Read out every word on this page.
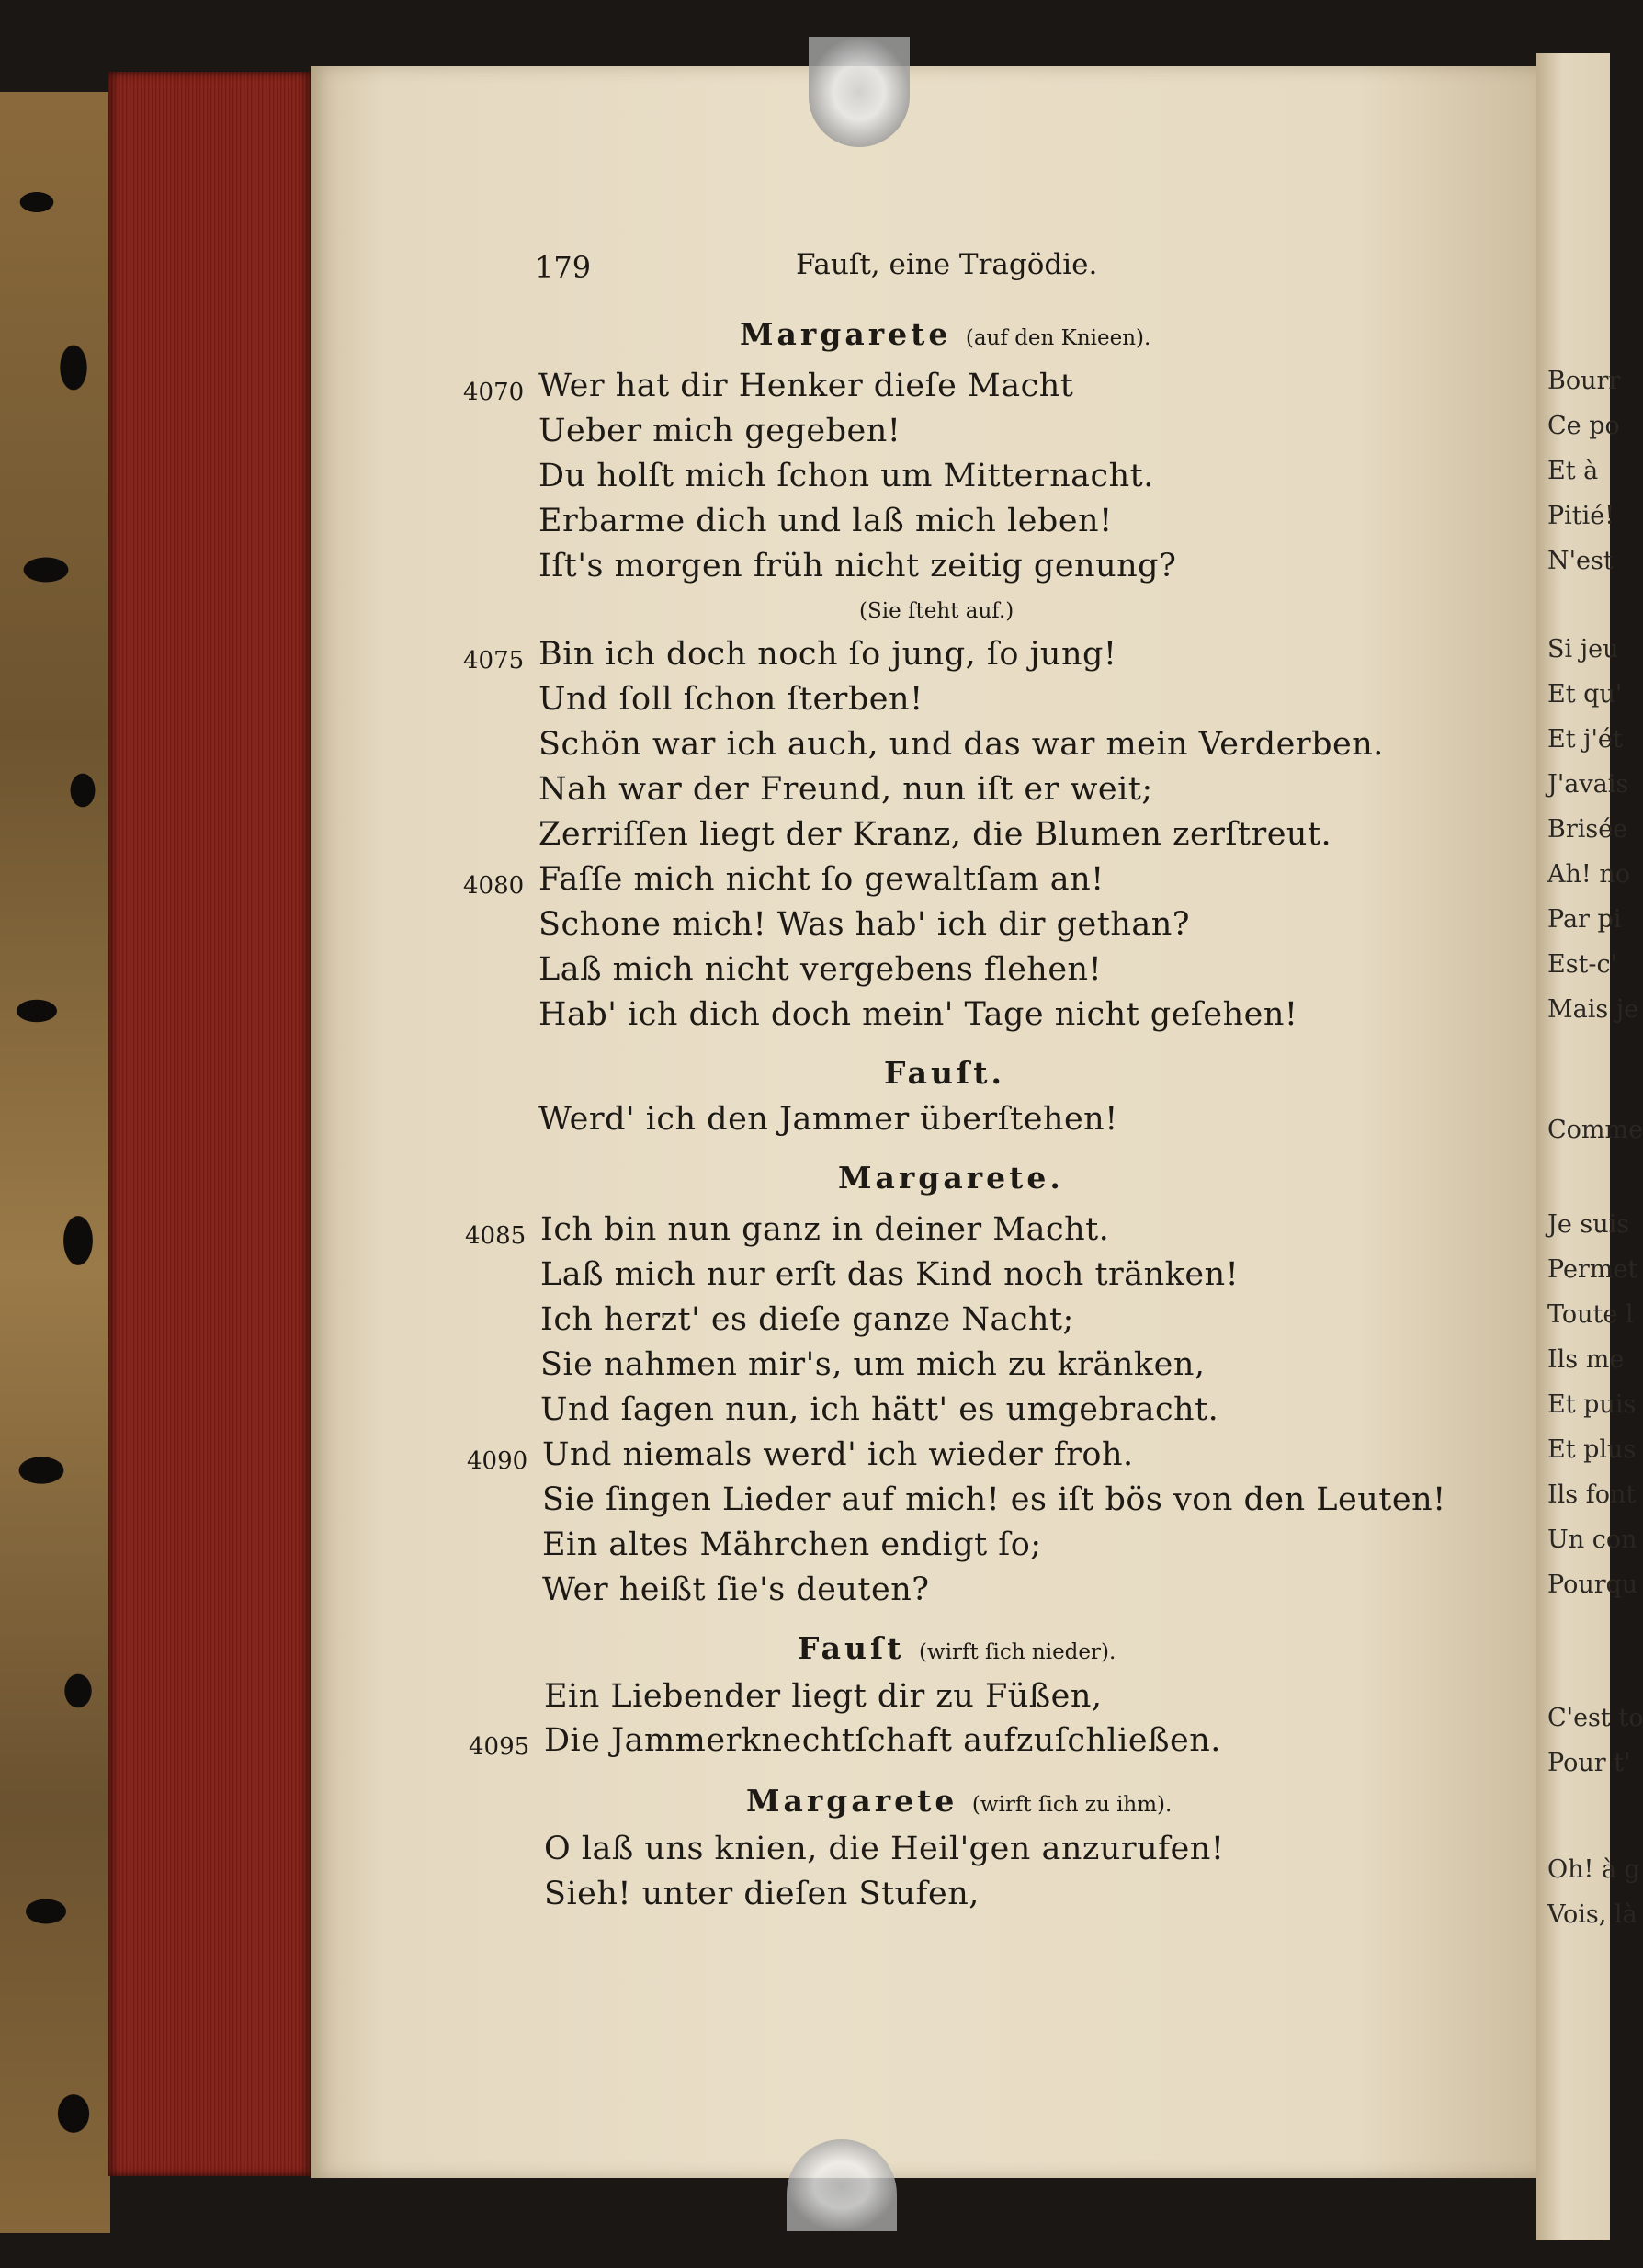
Bourr
Ce po
Et à
Pitié!
N'est
Si jeu
Et qu'
Et j'ét
J'avais
Brisée
Ah! no
Par pi
Est-c'
Mais je
Comme
Je suis
Permet
Toute l
Ils me
Et puis
Et plus
Ils font
Un con
Pourqu
C'est to
Pour t'
Oh! à g
Vois, là
179	Fauſt, eine Tragödie.
Margarete (auf den Knieen).
4070 Wer hat dir Henker dieſe Macht
Ueber mich gegeben!
Du holſt mich ſchon um Mitternacht.
Erbarme dich und laß mich leben!
Iſt's morgen früh nicht zeitig genung?
(Sie ſteht auf.)
4075 Bin ich doch noch ſo jung, ſo jung!
Und ſoll ſchon ſterben!
Schön war ich auch, und das war mein Verderben.
Nah war der Freund, nun iſt er weit;
Zerriſſen liegt der Kranz, die Blumen zerſtreut.
4080 Faſſe mich nicht ſo gewaltſam an!
Schone mich! Was hab' ich dir gethan?
Laß mich nicht vergebens flehen!
Hab' ich dich doch mein' Tage nicht geſehen!
Fauſt.
Werd' ich den Jammer überſtehen!
Margarete.
4085 Ich bin nun ganz in deiner Macht.
Laß mich nur erſt das Kind noch tränken!
Ich herzt' es dieſe ganze Nacht;
Sie nahmen mir's, um mich zu kränken,
Und ſagen nun, ich hätt' es umgebracht.
4090 Und niemals werd' ich wieder froh.
Sie ſingen Lieder auf mich! es iſt bös von den Leuten!
Ein altes Mährchen endigt ſo;
Wer heißt ſie's deuten?
Fauſt (wirft ſich nieder).
Ein Liebender liegt dir zu Füßen,
4095 Die Jammerknechtſchaft aufzuſchließen.
Margarete (wirft ſich zu ihm).
O laß uns knien, die Heil'gen anzurufen!
Sieh! unter dieſen Stufen,
